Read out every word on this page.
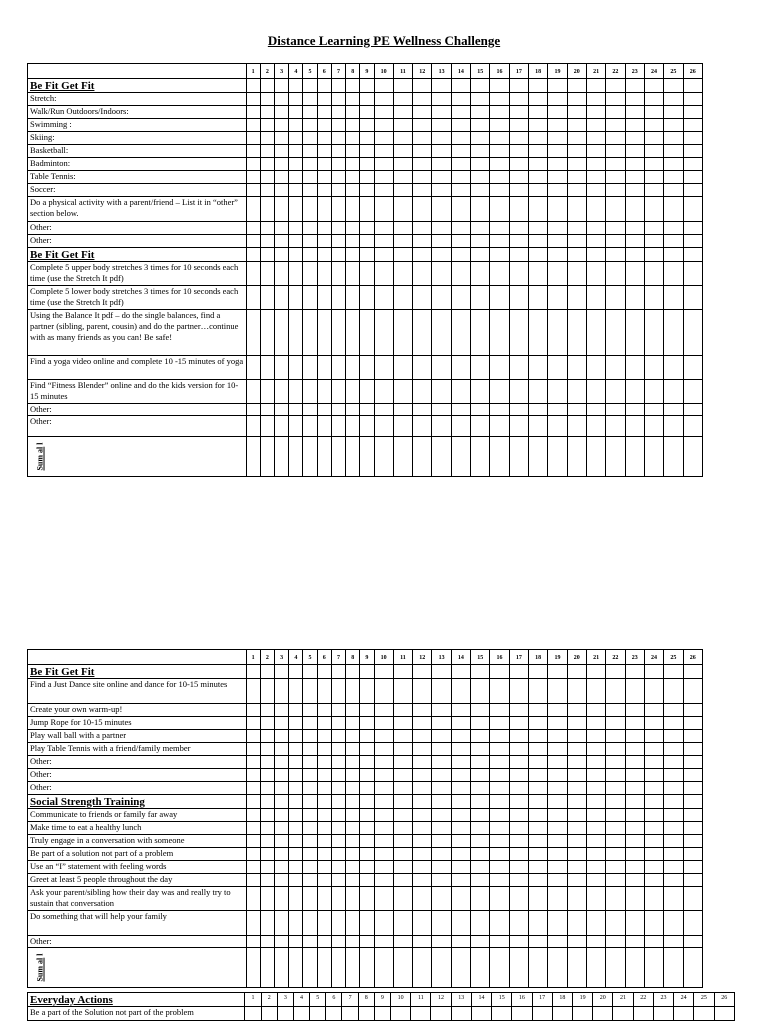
Distance Learning PE Wellness Challenge
	1	2	3	4	5	6	7	8	9	10	11	12	13	14	15	16	17	18	19	20	21	22	23	24	25	26
Be Fit Get Fit																										
Stretch:																										
Walk/Run Outdoors/Indoors:																										
Swimming :																										
Skiing:																										
Basketball:																										
Badminton:																										
Table Tennis:																										
Soccer:																										
Do a physical activity with a parent/friend – List it in “other” section below.																										
Other:																										
Other:																										
Be Fit Get Fit																										
Complete 5 upper body stretches 3 times for 10 seconds each time (use the Stretch It pdf)																										
Complete 5 lower body stretches 3 times for 10 seconds each time (use the Stretch It pdf)																										
Using the Balance It pdf – do the single balances, find a partner (sibling, parent, cousin) and do the partner…continue with as many friends as you can! Be safe!																										
Find a yoga video online and complete 10 -15 minutes of yoga																										
Find “Fitness Blender” online and do the kids version for 10-15 minutes																										
Other:																										
Other:																										
Sum al l																										
	1	2	3	4	5	6	7	8	9	10	11	12	13	14	15	16	17	18	19	20	21	22	23	24	25	26
Be Fit Get Fit																										
Find a Just Dance site online and dance for 10-15 minutes																										
Create your own warm-up!																										
Jump Rope for 10-15 minutes																										
Play wall ball with a partner																										
Play Table Tennis with a friend/family member																										
Other:																										
Other:																										
Other:																										
Social Strength Training																										
Communicate to friends or family far away																										
Make time to eat a healthy lunch																										
Truly engage in a conversation with someone																										
Be part of a solution not part of a problem																										
Use an “I” statement with feeling words																										
Greet at least 5 people throughout the day																										
Ask your parent/sibling how their day was and really try to sustain that conversation																										
Do something that will help your family																										
Other:																										
Sum al l																										
Everyday Actions	1	2	3	4	5	6	7	8	9	10	11	12	13	14	15	16	17	18	19	20	21	22	23	24	25	26
Be a part of the Solution not part of the problem																										
